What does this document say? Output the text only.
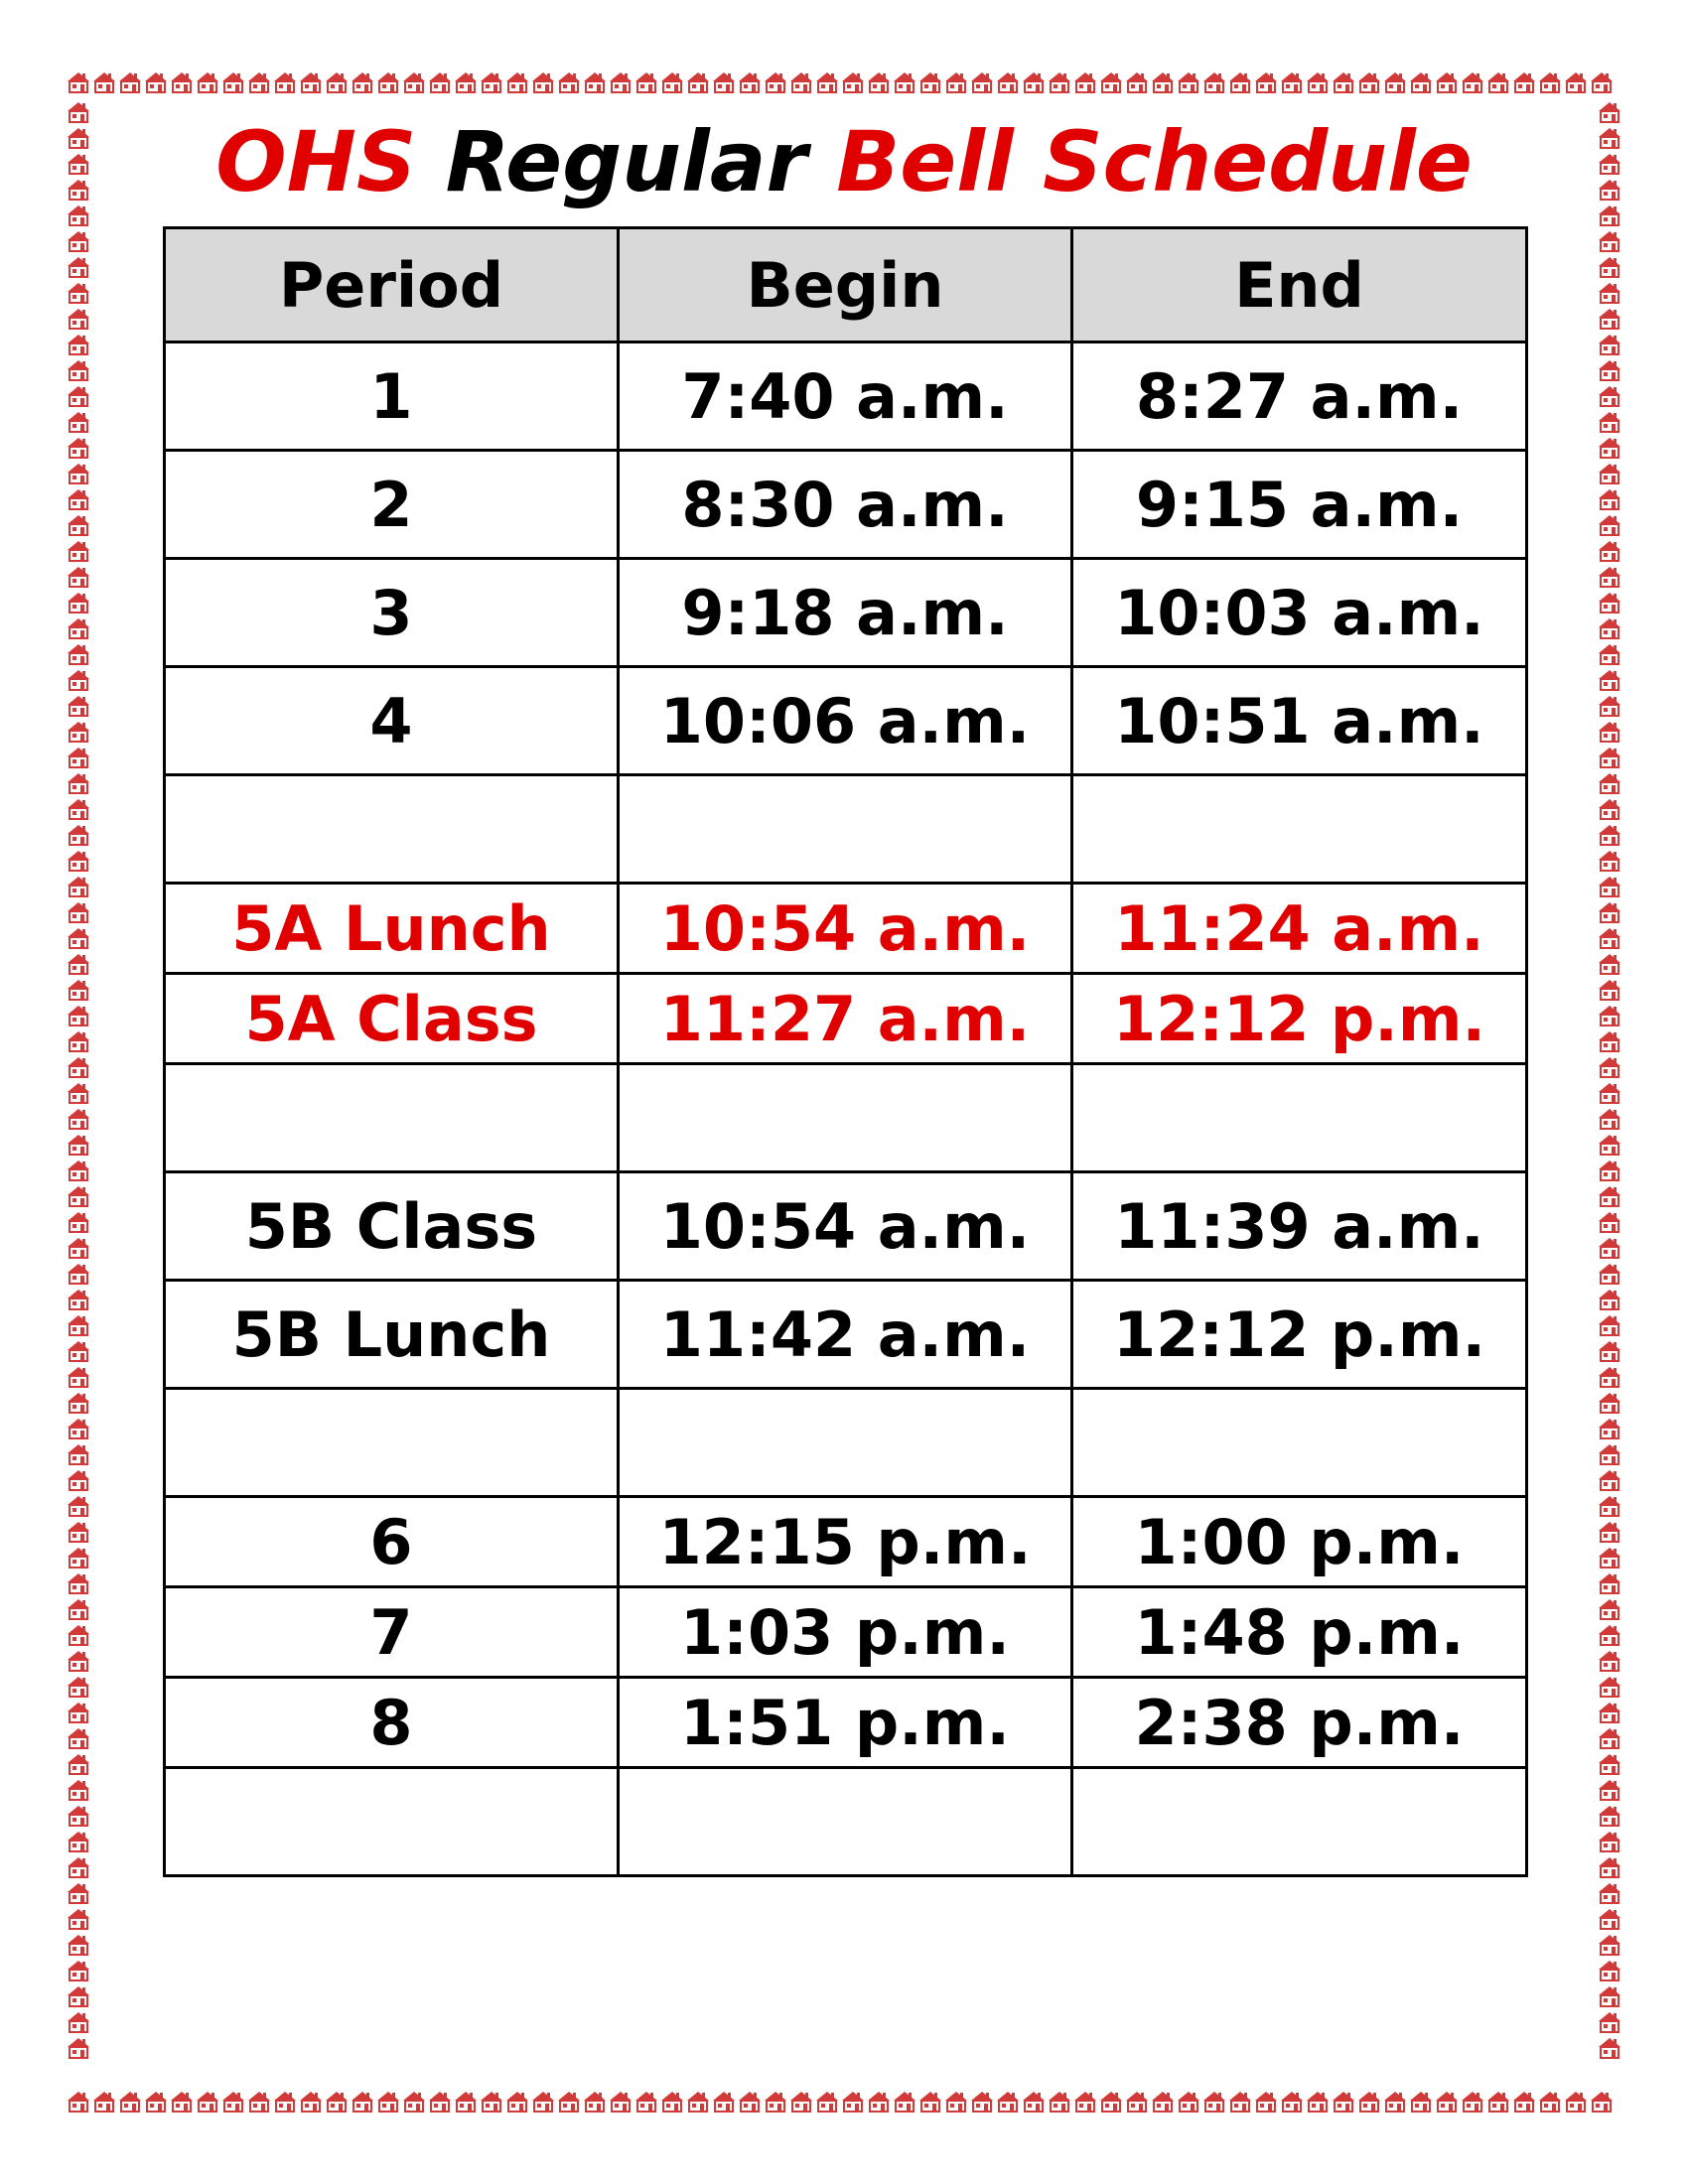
OHS Regular Bell Schedule
Period	Begin	End
1	7:40 a.m.	8:27 a.m.
2	8:30 a.m.	9:15 a.m.
3	9:18 a.m.	10:03 a.m.
4	10:06 a.m.	10:51 a.m.

5A Lunch	10:54 a.m.	11:24 a.m.
5A Class	11:27 a.m.	12:12 p.m.

5B Class	10:54 a.m.	11:39 a.m.
5B Lunch	11:42 a.m.	12:12 p.m.

6	12:15 p.m.	1:00 p.m.
7	1:03 p.m.	1:48 p.m.
8	1:51 p.m.	2:38 p.m.
